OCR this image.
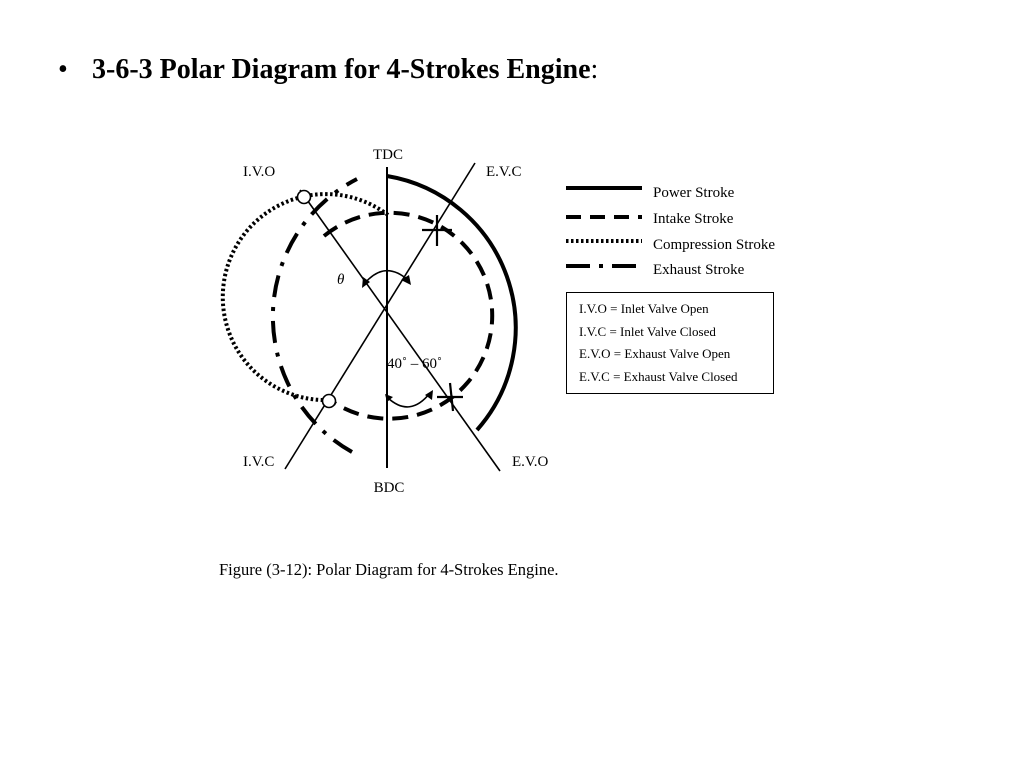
• 3-6-3 Polar Diagram for 4-Strokes Engine:
TDC
BDC
I.V.O	E.V.C
I.V.C	E.V.O
θ
40˚ – 60˚
Power Stroke
Intake Stroke
Compression Stroke
Exhaust Stroke
I.V.O = Inlet Valve Open
I.V.C = Inlet Valve Closed
E.V.O = Exhaust Valve Open
E.V.C = Exhaust Valve Closed

Figure (3-12): Polar Diagram for 4-Strokes Engine.
